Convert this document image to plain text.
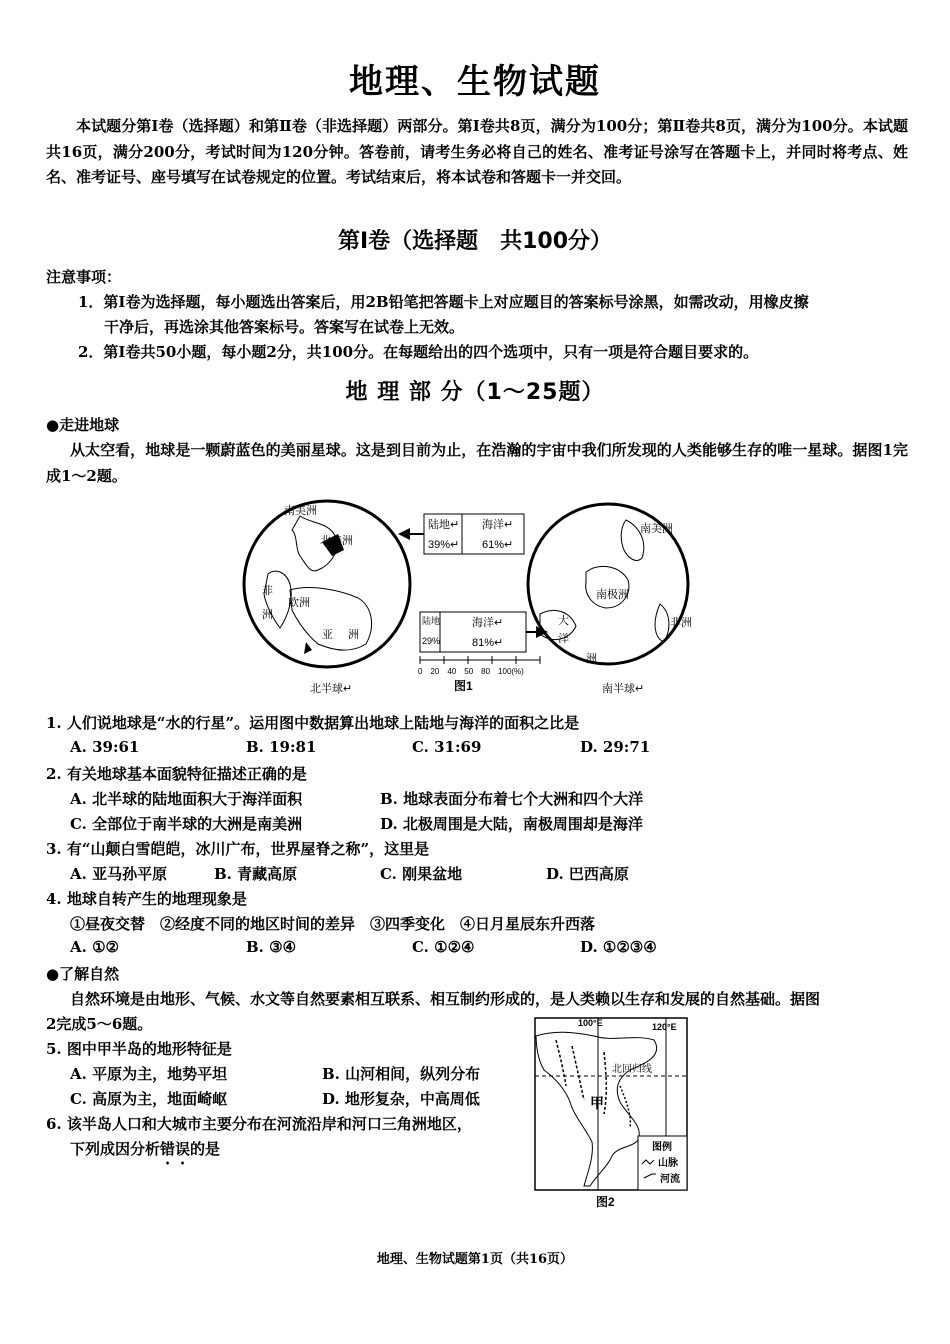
地理、生物试题
本试题分第Ⅰ卷（选择题）和第Ⅱ卷（非选择题）两部分。第Ⅰ卷共8页，满分为100分；第Ⅱ卷共8页，满分为100分。本试题共16页，满分200分，考试时间为120分钟。答卷前，请考生务必将自己的姓名、准考证号涂写在答题卡上，并同时将考点、姓名、准考证号、座号填写在试卷规定的位置。考试结束后，将本试卷和答题卡一并交回。
第Ⅰ卷（选择题　共100分）
注意事项：
1．第Ⅰ卷为选择题，每小题选出答案后，用2B铅笔把答题卡上对应题目的答案标号涂黑，如需改动，用橡皮擦
干净后，再选涂其他答案标号。答案写在试卷上无效。
2．第Ⅰ卷共50小题，每小题2分，共100分。在每题给出的四个选项中，只有一项是符合题目要求的。
地 理 部 分（1～25题）
●走进地球
从太空看，地球是一颗蔚蓝色的美丽星球。这是到目前为止，在浩瀚的宇宙中我们所发现的人类能够生存的唯一星球。据图1完成1～2题。
南美洲
北美洲
非
洲
欧洲
亚 洲
陆地↵
39%↵
海洋↵
61%↵
陆地
29%
海洋↵
81%↵
0　20　40　50　80　100(%)
南美洲
南极洲
非洲
大
洋
洲
北半球↵	图1	南半球↵
1. 人们说地球是“水的行星”。运用图中数据算出地球上陆地与海洋的面积之比是
A. 39:61	B. 19:81	C. 31:69	D. 29:71
2. 有关地球基本面貌特征描述正确的是
A. 北半球的陆地面积大于海洋面积	B. 地球表面分布着七个大洲和四个大洋
C. 全部位于南半球的大洲是南美洲	D. 北极周围是大陆，南极周围却是海洋
3. 有“山颠白雪皑皑，冰川广布，世界屋脊之称”，这里是
A. 亚马孙平原	B. 青藏高原	C. 刚果盆地	D. 巴西高原
4. 地球自转产生的地理现象是
①昼夜交替　②经度不同的地区时间的差异　③四季变化　④日月星辰东升西落
A. ①②	B. ③④	C. ①②④	D. ①②③④
●了解自然
自然环境是由地形、气候、水文等自然要素相互联系、相互制约形成的，是人类赖以生存和发展的自然基础。据图
2完成5～6题。
5. 图中甲半岛的地形特征是
A. 平原为主，地势平坦	B. 山河相间，纵列分布
C. 高原为主，地面崎岖	D. 地形复杂，中高周低
6. 该半岛人口和大城市主要分布在河流沿岸和河口三角洲地区，
下列成因分析错误的是
100°E	120°E
北回归线
甲
图例
山脉
河流
图2
地理、生物试题第1页（共16页）
